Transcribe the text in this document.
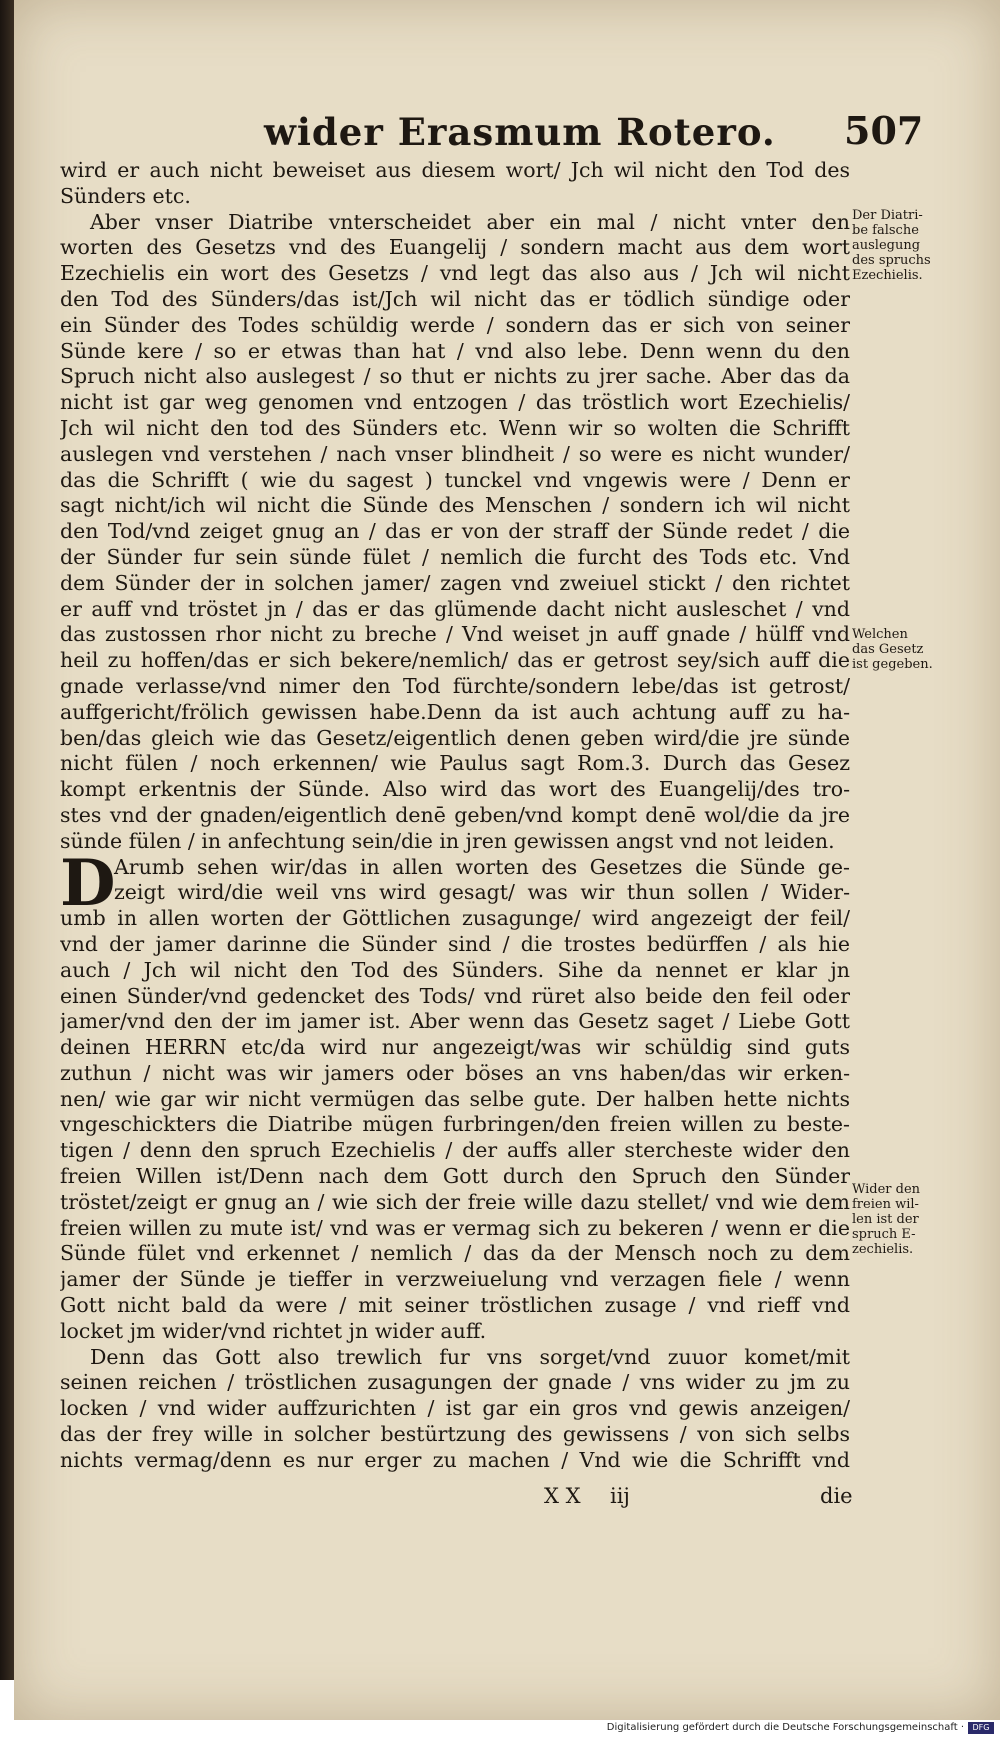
wider Erasmum Rotero. 507
D
wird er auch nicht beweiset aus diesem wort/ Jch wil nicht den Tod des
Sünders etc.
Aber vnser Diatribe vnterscheidet aber ein mal / nicht vnter den
worten des Gesetzs vnd des Euangelij / sondern macht aus dem wort
Ezechielis ein wort des Gesetzs / vnd legt das also aus / Jch wil nicht
den Tod des Sünders/das ist/Jch wil nicht das er tödlich sündige oder
ein Sünder des Todes schüldig werde / sondern das er sich von seiner
Sünde kere / so er etwas than hat / vnd also lebe. Denn wenn du den
Spruch nicht also auslegest / so thut er nichts zu jrer sache. Aber das da
nicht ist gar weg genomen vnd entzogen / das tröstlich wort Ezechielis/
Jch wil nicht den tod des Sünders etc. Wenn wir so wolten die Schrifft
auslegen vnd verstehen / nach vnser blindheit / so were es nicht wunder/
das die Schrifft ( wie du sagest ) tunckel vnd vngewis were / Denn er
sagt nicht/ich wil nicht die Sünde des Menschen / sondern ich wil nicht
den Tod/vnd zeiget gnug an / das er von der straff der Sünde redet / die
der Sünder fur sein sünde fület / nemlich die furcht des Tods etc. Vnd
dem Sünder der in solchen jamer/ zagen vnd zweiuel stickt / den richtet
er auff vnd tröstet jn / das er das glümende dacht nicht ausleschet / vnd
das zustossen rhor nicht zu breche / Vnd weiset jn auff gnade / hülff vnd
heil zu hoffen/das er sich bekere/nemlich/ das er getrost sey/sich auff die
gnade verlasse/vnd nimer den Tod fürchte/sondern lebe/das ist getrost/
auffgericht/frölich gewissen habe.Denn da ist auch achtung auff zu ha-
ben/das gleich wie das Gesetz/eigentlich denen geben wird/die jre sünde
nicht fülen / noch erkennen/ wie Paulus sagt Rom.3. Durch das Gesez
kompt erkentnis der Sünde. Also wird das wort des Euangelij/des tro-
stes vnd der gnaden/eigentlich denē geben/vnd kompt denē wol/die da jre
sünde fülen / in anfechtung sein/die in jren gewissen angst vnd not leiden.
Arumb sehen wir/das in allen worten des Gesetzes die Sünde ge-
zeigt wird/die weil vns wird gesagt/ was wir thun sollen / Wider-
umb in allen worten der Göttlichen zusagunge/ wird angezeigt der feil/
vnd der jamer darinne die Sünder sind / die trostes bedürffen / als hie
auch / Jch wil nicht den Tod des Sünders. Sihe da nennet er klar jn
einen Sünder/vnd gedencket des Tods/ vnd rüret also beide den feil oder
jamer/vnd den der im jamer ist. Aber wenn das Gesetz saget / Liebe Gott
deinen HERRN etc/da wird nur angezeigt/was wir schüldig sind guts
zuthun / nicht was wir jamers oder böses an vns haben/das wir erken-
nen/ wie gar wir nicht vermügen das selbe gute. Der halben hette nichts
vngeschickters die Diatribe mügen furbringen/den freien willen zu beste-
tigen / denn den spruch Ezechielis / der auffs aller stercheste wider den
freien Willen ist/Denn nach dem Gott durch den Spruch den Sünder
tröstet/zeigt er gnug an / wie sich der freie wille dazu stellet/ vnd wie dem
freien willen zu mute ist/ vnd was er vermag sich zu bekeren / wenn er die
Sünde fület vnd erkennet / nemlich / das da der Mensch noch zu dem
jamer der Sünde je tieffer in verzweiuelung vnd verzagen fiele / wenn
Gott nicht bald da were / mit seiner tröstlichen zusage / vnd rieff vnd
locket jm wider/vnd richtet jn wider auff.
Denn das Gott also trewlich fur vns sorget/vnd zuuor komet/mit
seinen reichen / tröstlichen zusagungen der gnade / vns wider zu jm zu
locken / vnd wider auffzurichten / ist gar ein gros vnd gewis anzeigen/
das der frey wille in solcher bestürtzung des gewissens / von sich selbs
nichts vermag/denn es nur erger zu machen / Vnd wie die Schrifft vnd
Der Diatri-
be falsche
auslegung
des spruchs
Ezechielis.
Welchen
das Gesetz
ist gegeben.
Wider den
freien wil-
len ist der
spruch E-
zechielis.
X X iij	die
Digitalisierung gefördert durch die Deutsche Forschungsgemeinschaft ·	DFG
